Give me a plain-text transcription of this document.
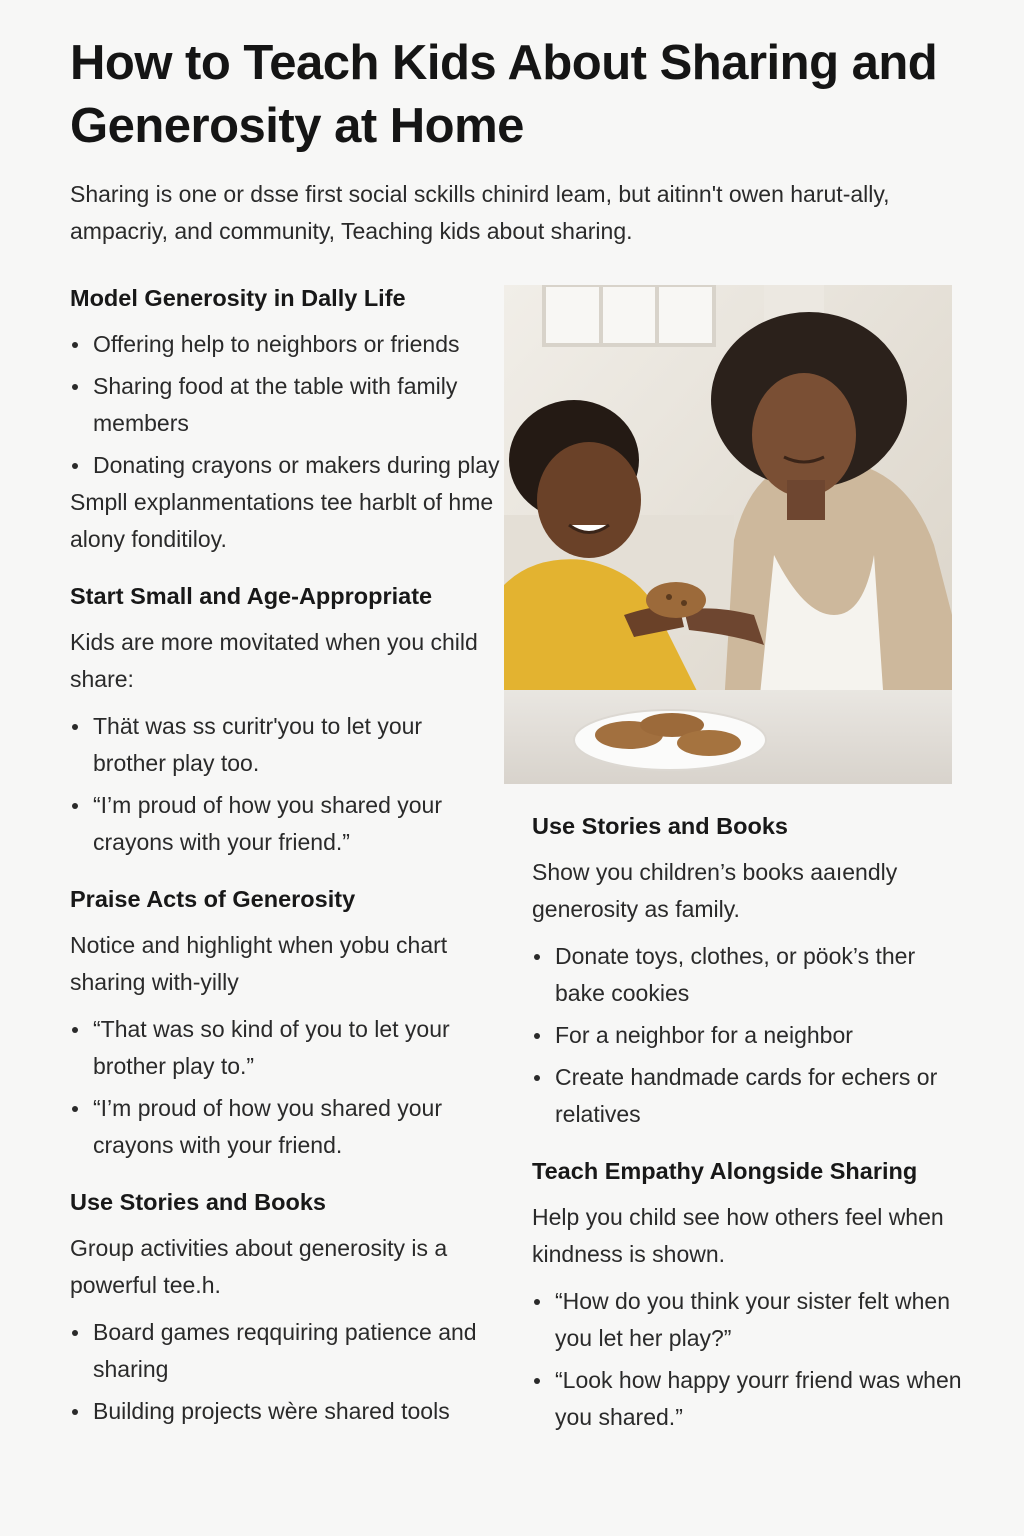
How to Teach Kids About Sharing and Generosity at Home

Sharing is one or dsse first social sckills chinird leam, but aitinn't owen harut-ally, ampacriy, and community, Teaching kids about sharing.

Model Generosity in Dally Life
Offering help to neighbors or friends
Sharing food at the table with family members
Donating crayons or makers during play

Smpll explanmentations tee harblt of hme alony fonditiloy.

Start Small and Age-Appropriate

Kids are more movitated when you child share:

Thät was ss curitr'you to let your brother play too.
“I’m proud of how you shared your crayons with your friend.”
Praise Acts of Generosity

Notice and highlight when yobu chart sharing with-yilly

“That was so kind of you to let your brother play to.”
“I’m proud of how you shared your crayons with your friend.
Use Stories and Books

Group activities about generosity is a powerful tee.h.

Board games reqquiring patience and sharing
Building projects wère shared tools
Use Stories and Books

Show you children’s books aaıendly generosity as family.

Donate toys, clothes, or pöok’s ther bake cookies
For a neighbor for a neighbor
Create handmade cards for echers or relatives
Teach Empathy Alongside Sharing

Help you child see how others feel when kindness is shown.

“How do you think your sister felt when you let her play?”
“Look how happy yourr friend was when you shared.”
